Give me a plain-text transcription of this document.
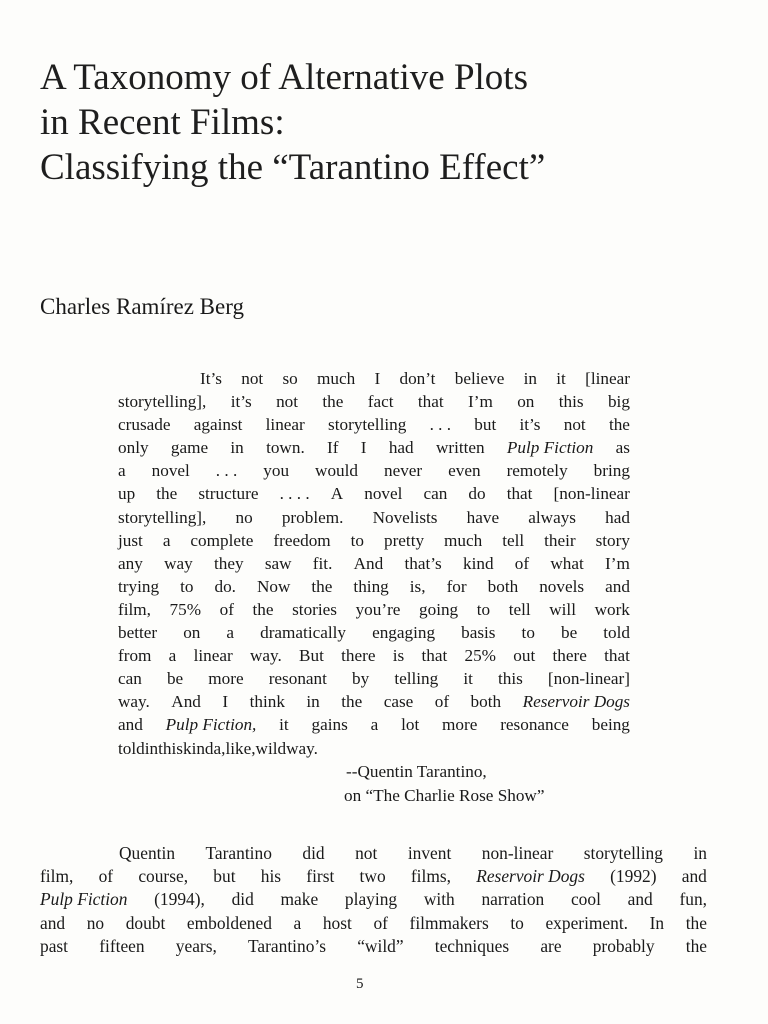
A Taxonomy of Alternative Plots
in Recent Films:
Classifying the “Tarantino Effect”
Charles Ramírez Berg
It’s not so much I don’t believe in it [linear
storytelling], it’s not the fact that I’m on this big
crusade against linear storytelling . . . but it’s not the
only game in town. If I had written Pulp Fiction as
a novel . . . you would never even remotely bring
up the structure . . . . A novel can do that [non-linear
storytelling], no problem. Novelists have always had
just a complete freedom to pretty much tell their story
any way they saw fit. And that’s kind of what I’m
trying to do. Now the thing is, for both novels and
film, 75% of the stories you’re going to tell will work
better on a dramatically engaging basis to be told
from a linear way. But there is that 25% out there that
can be more resonant by telling it this [non-linear]
way. And I think in the case of both Reservoir Dogs
and Pulp Fiction, it gains a lot more resonance being
told in this kinda, like, wild way.
--Quentin Tarantino,
on “The Charlie Rose Show”
Quentin Tarantino did not invent non-linear storytelling in
film, of course, but his first two films, Reservoir Dogs (1992) and
Pulp Fiction (1994), did make playing with narration cool and fun,
and no doubt emboldened a host of filmmakers to experiment. In the
past fifteen years, Tarantino’s “wild” techniques are probably the
5
